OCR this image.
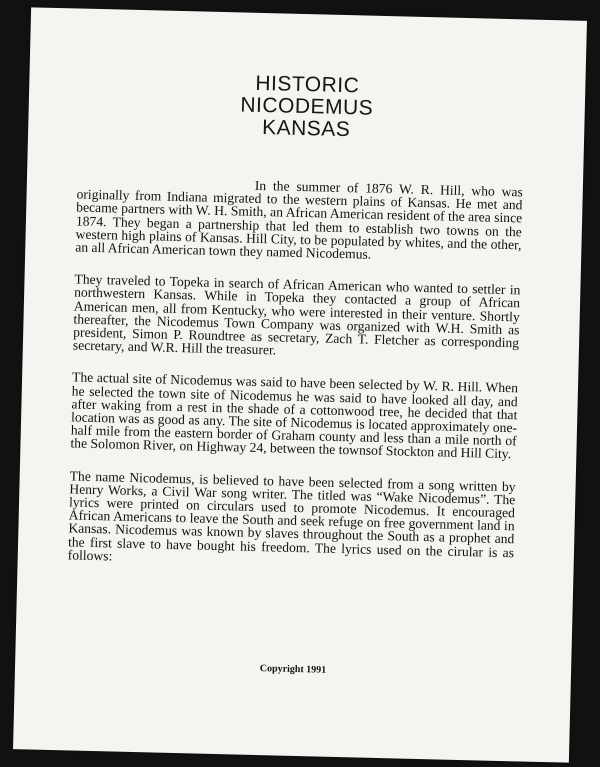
HISTORIC
NICODEMUS
KANSAS

In the summer of 1876 W. R. Hill, who was originally from Indiana migrated to the western plains of Kansas. He met and became partners with W. H. Smith, an African American resident of the area since 1874. They began a partnership that led them to establish two towns on the western high plains of Kansas. Hill City, to be populated by whites, and the other, an all African American town they named Nicodemus.

They traveled to Topeka in search of African American who wanted to settler in northwestern Kansas. While in Topeka they contacted a group of African American men, all from Kentucky, who were interested in their venture. Shortly thereafter, the Nicodemus Town Company was organized with W.H. Smith as president, Simon P. Roundtree as secretary, Zach T. Fletcher as corresponding secretary, and W.R. Hill the treasurer.

The actual site of Nicodemus was said to have been selected by W. R. Hill. When he selected the town site of Nicodemus he was said to have looked all day, and after waking from a rest in the shade of a cottonwood tree, he decided that that location was as good as any. The site of Nicodemus is located approximately one-half mile from the eastern border of Graham county and less than a mile north of the Solomon River, on Highway 24, between the townsof Stockton and Hill City.

The name Nicodemus, is believed to have been selected from a song written by Henry Works, a Civil War song writer. The titled was “Wake Nicodemus”. The lyrics were printed on circulars used to promote Nicodemus. It encouraged African Americans to leave the South and seek refuge on free government land in Kansas. Nicodemus was known by slaves throughout the South as a prophet and the first slave to have bought his freedom. The lyrics used on the cirular is as follows:

Copyright 1991
